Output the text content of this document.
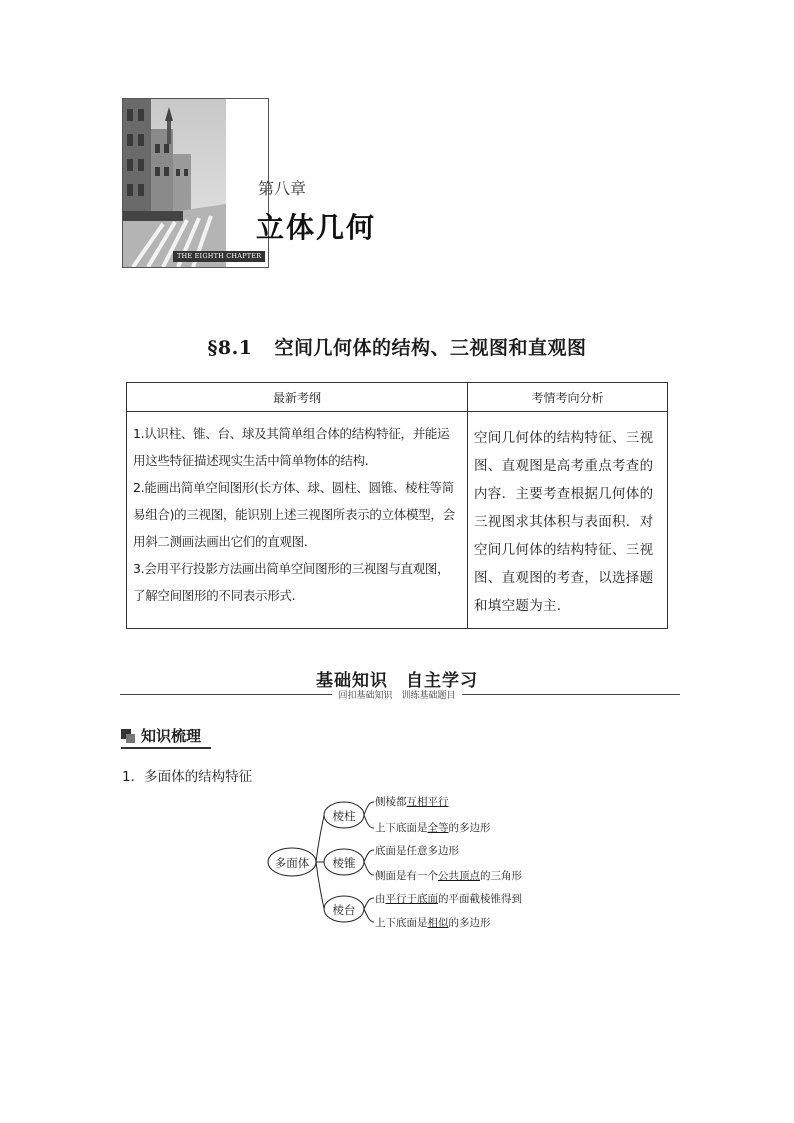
THE EIGHTH CHAPTER
第八章
立体几何
§8.1 空间几何体的结构、三视图和直观图
最新考纲	考情考向分析

1.认识柱、锥、台、球及其简单组合体的结构特征，并能运用这些特征描述现实生活中简单物体的结构.

2.能画出简单空间图形(长方体、球、圆柱、圆锥、棱柱等简易组合)的三视图，能识别上述三视图所表示的立体模型，会用斜二测画法画出它们的直观图.

3.会用平行投影方法画出简单空间图形的三视图与直观图，了解空间图形的不同表示形式.	空间几何体的结构特征、三视图、直观图是高考重点考查的内容．主要考查根据几何体的三视图求其体积与表面积．对空间几何体的结构特征、三视图、直观图的考查，以选择题和填空题为主.

基础知识　自主学习
回扣基础知识　训练基础题目
知识梳理
1．多面体的结构特征
多面体
棱柱
棱锥
棱台
侧棱都互相平行
上下底面是全等的多边形
底面是任意多边形
侧面是有一个公共顶点的三角形
由平行于底面的平面截棱锥得到
上下底面是相似的多边形
